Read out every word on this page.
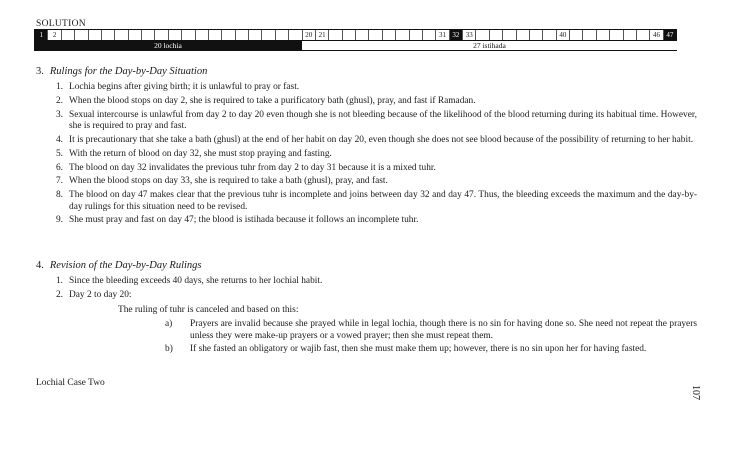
SOLUTION
1	2	20 21	31 32 33	40	46 47
20 lochia	27 istihada
3. Rulings for the Day-by-Day Situation
1. Lochia begins after giving birth; it is unlawful to pray or fast.
2. When the blood stops on day 2, she is required to take a purificatory bath (ghusl), pray, and fast if Ramadan.
3. Sexual intercourse is unlawful from day 2 to day 20 even though she is not bleeding because of the likelihood of the blood returning during its habitual time. However, she is required to pray and fast.
4. It is precautionary that she take a bath (ghusl) at the end of her habit on day 20, even though she does not see blood because of the possibility of returning to her habit.
5. With the return of blood on day 32, she must stop praying and fasting.
6. The blood on day 32 invalidates the previous tuhr from day 2 to day 31 because it is a mixed tuhr.
7. When the blood stops on day 33, she is required to take a bath (ghusl), pray, and fast.
8. The blood on day 47 makes clear that the previous tuhr is incomplete and joins between day 32 and day 47. Thus, the bleeding exceeds the maximum and the day-by-day rulings for this situation need to be revised.
9. She must pray and fast on day 47; the blood is istihada because it follows an incomplete tuhr.
4. Revision of the Day-by-Day Rulings
1. Since the bleeding exceeds 40 days, she returns to her lochial habit.
2. Day 2 to day 20:
The ruling of tuhr is canceled and based on this:
a) Prayers are invalid because she prayed while in legal lochia, though there is no sin for having done so. She need not repeat the prayers unless they were make-up prayers or a vowed prayer; then she must repeat them.
b) If she fasted an obligatory or wajib fast, then she must make them up; however, there is no sin upon her for having fasted.
Lochial Case Two
107
